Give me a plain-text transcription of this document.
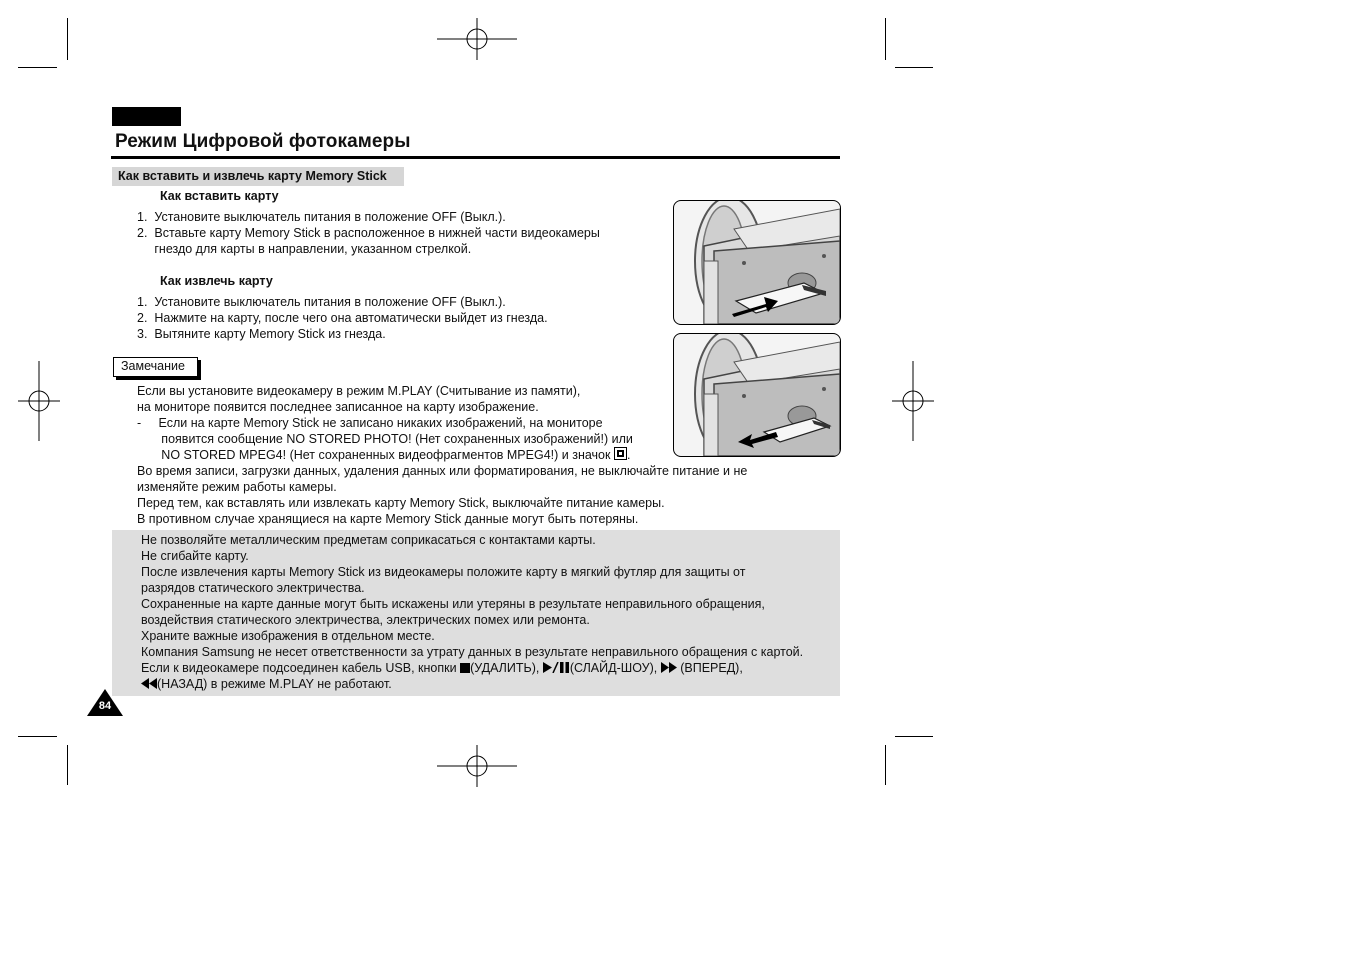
Режим Цифровой фотокамеры
Как вставить и извлечь карту Memory Stick
Как вставить карту
1.  Установите выключатель питания в положение OFF (Выкл.).
2.  Вставьте карту Memory Stick в расположенное в нижней части видеокамеры
гнездо для карты в направлении, указанном стрелкой.
Как извлечь карту
1.  Установите выключатель питания в положение OFF (Выкл.).
2.  Нажмите на карту, после чего она автоматически выйдет из гнезда.
3.  Вытяните карту Memory Stick из гнезда.
Замечание
Если вы установите видеокамеру в режим M.PLAY (Считывание из памяти),
на мониторе появится последнее записанное на карту изображение.
-     Если на карте Memory Stick не записано никаких изображений, на мониторе
появится сообщение NO STORED PHOTO! (Нет сохраненных изображений!) или
NO STORED MPEG4! (Нет сохраненных видеофрагментов MPEG4!) и значок .
Во время записи, загрузки данных, удаления данных или форматирования, не выключайте питание и не
изменяйте режим работы камеры.
Перед тем, как вставлять или извлекать карту Memory Stick, выключайте питание камеры.
В противном случае хранящиеся на карте Memory Stick данные могут быть потеряны.
Не позволяйте металлическим предметам соприкасаться с контактами карты.
Не сгибайте карту.
После извлечения карты Memory Stick из видеокамеры положите карту в мягкий футляр для защиты от
разрядов статического электричества.
Сохраненные на карте данные могут быть искажены или утеряны в результате неправильного обращения,
воздействия статического электричества, электрических помех или ремонта.
Храните важные изображения в отдельном месте.
Компания Samsung не несет ответственности за утрату данных в результате неправильного обращения с картой.
Если к видеокамере подсоединен кабель USB, кнопки (УДАЛИТЬ), (СЛАЙД-ШОУ), (ВПЕРЕД),
(НАЗАД) в режиме M.PLAY не работают.
84
